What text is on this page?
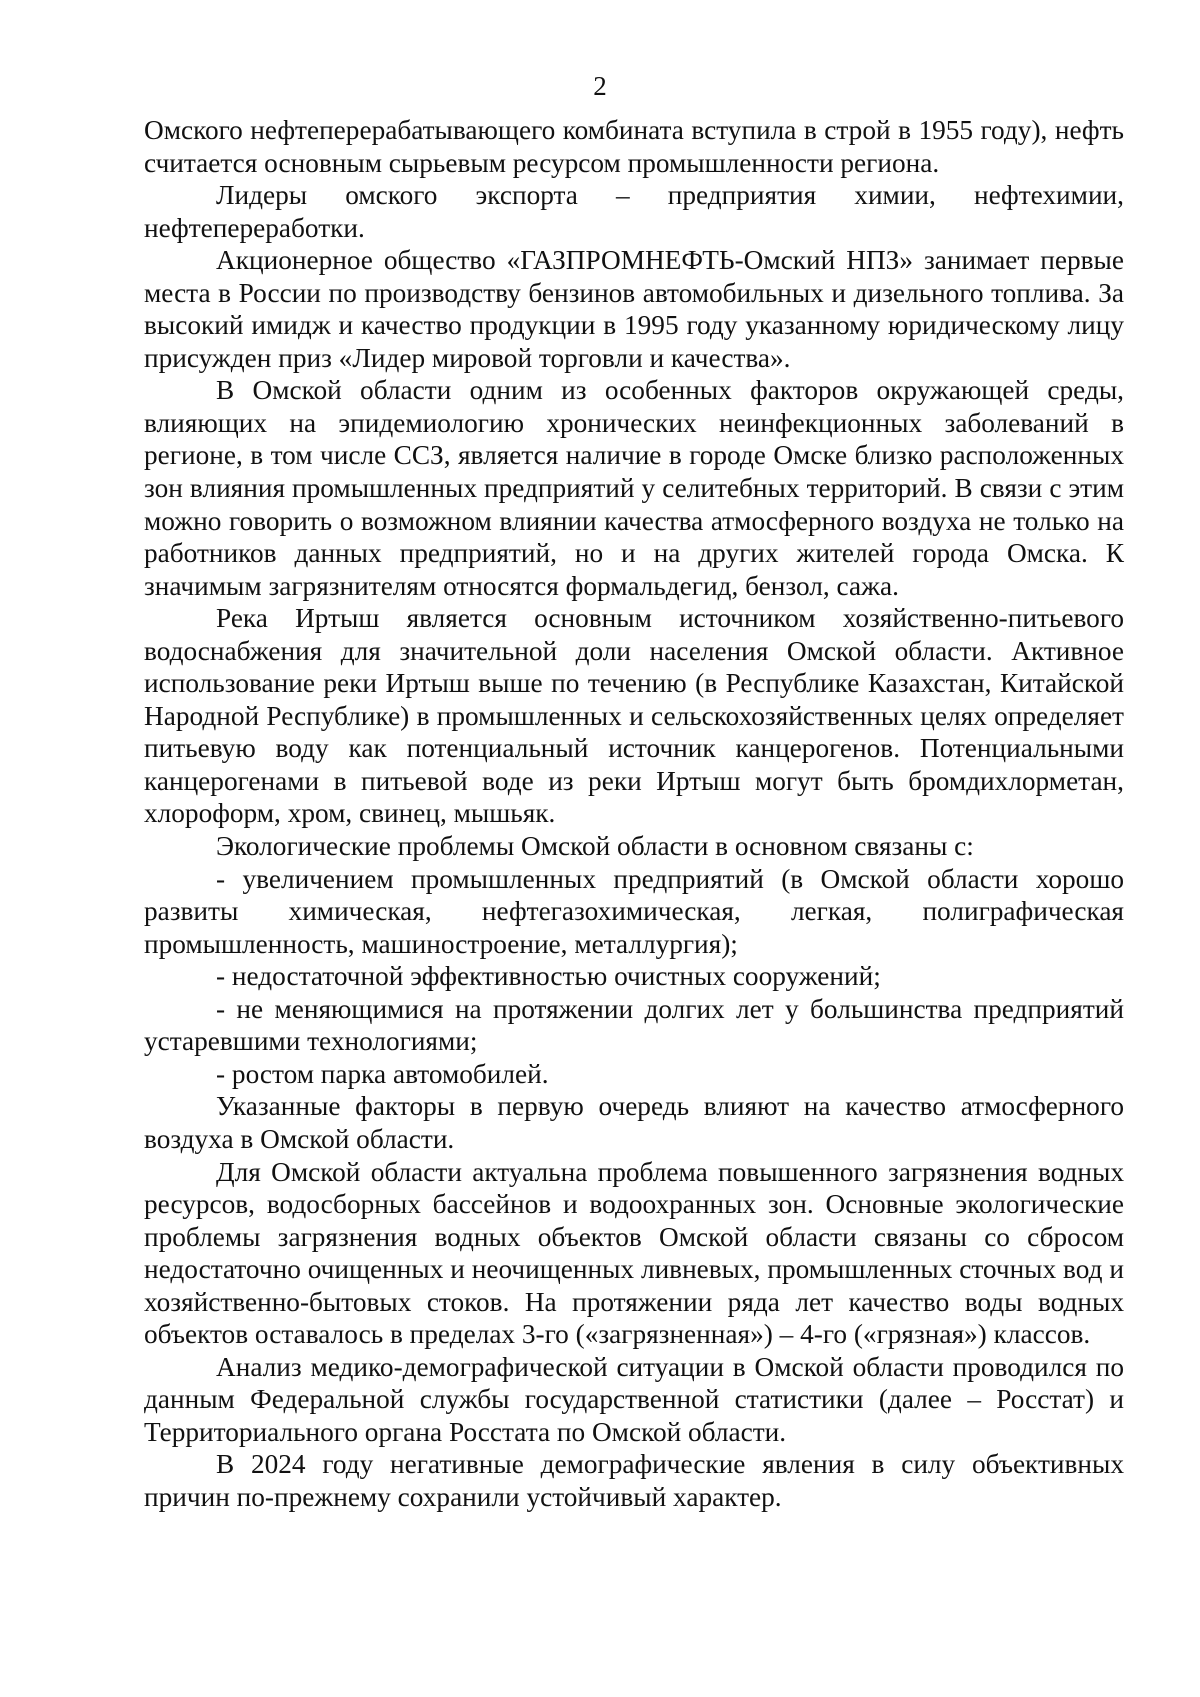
2

Омского нефтеперерабатывающего комбината вступила в строй в 1955 году), нефть считается основным сырьевым ресурсом промышленности региона.

Лидеры омского экспорта – предприятия химии, нефтехимии, нефтепереработки.

Акционерное общество «ГАЗПРОМНЕФТЬ-Омский НПЗ» занимает первые места в России по производству бензинов автомобильных и дизельного топлива. За высокий имидж и качество продукции в 1995 году указанному юридическому лицу присужден приз «Лидер мировой торговли и качества».

В Омской области одним из особенных факторов окружающей среды, влияющих на эпидемиологию хронических неинфекционных заболеваний в регионе, в том числе ССЗ, является наличие в городе Омске близко расположенных зон влияния промышленных предприятий у селитебных территорий. В связи с этим можно говорить о возможном влиянии качества атмосферного воздуха не только на работников данных предприятий, но и на других жителей города Омска. К значимым загрязнителям относятся формальдегид, бензол, сажа.

Река Иртыш является основным источником хозяйственно-питьевого водоснабжения для значительной доли населения Омской области. Активное использование реки Иртыш выше по течению (в Республике Казахстан, Китайской Народной Республике) в промышленных и сельскохозяйственных целях определяет питьевую воду как потенциальный источник канцерогенов. Потенциальными канцерогенами в питьевой воде из реки Иртыш могут быть бромдихлорметан, хлороформ, хром, свинец, мышьяк.

Экологические проблемы Омской области в основном связаны с:

- увеличением промышленных предприятий (в Омской области хорошо развиты химическая, нефтегазохимическая, легкая, полиграфическая промышленность, машиностроение, металлургия);

- недостаточной эффективностью очистных сооружений;

- не меняющимися на протяжении долгих лет у большинства предприятий устаревшими технологиями;

- ростом парка автомобилей.

Указанные факторы в первую очередь влияют на качество атмосферного воздуха в Омской области.

Для Омской области актуальна проблема повышенного загрязнения водных ресурсов, водосборных бассейнов и водоохранных зон. Основные экологические проблемы загрязнения водных объектов Омской области связаны со сбросом недостаточно очищенных и неочищенных ливневых, промышленных сточных вод и хозяйственно-бытовых стоков. На протяжении ряда лет качество воды водных объектов оставалось в пределах 3-го («загрязненная») – 4-го («грязная») классов.

Анализ медико-демографической ситуации в Омской области проводился по данным Федеральной службы государственной статистики (далее – Росстат) и Территориального органа Росстата по Омской области.

В 2024 году негативные демографические явления в силу объективных причин по-прежнему сохранили устойчивый характер.
